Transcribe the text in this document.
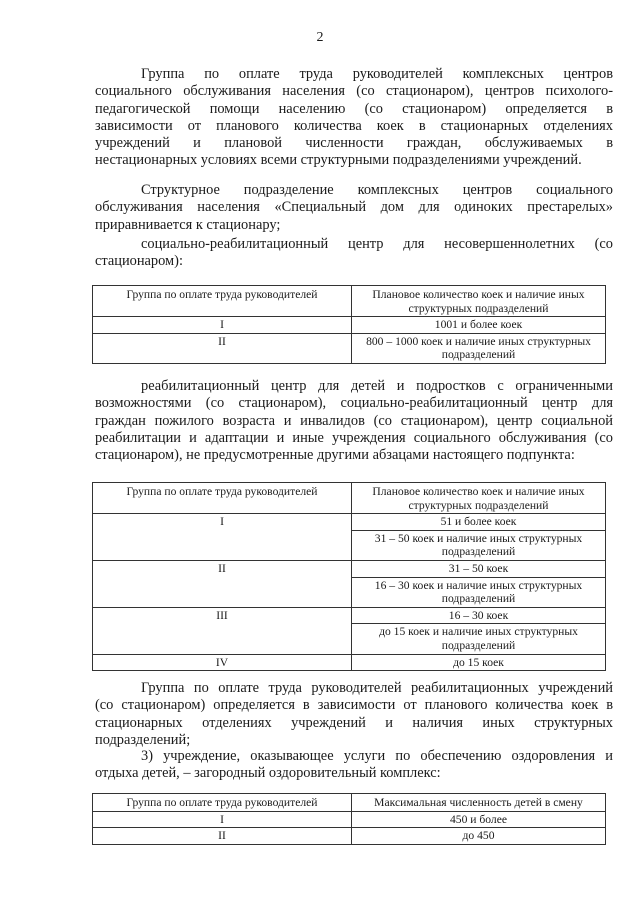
2

Группа по оплате труда руководителей комплексных центров
социального обслуживания населения (со стационаром), центров психолого-
педагогической помощи населению (со стационаром) определяется в
зависимости от планового количества коек в стационарных отделениях
учреждений и плановой численности граждан, обслуживаемых в
нестационарных условиях всеми структурными подразделениями учреждений.

Структурное подразделение комплексных центров социального
обслуживания населения «Специальный дом для одиноких престарелых»
приравнивается к стационару;

социально-реабилитационный центр для несовершеннолетних (со
стационаром):

Группа по оплате труда руководителей	Плановое количество коек и наличие иных структурных подразделений
I	1001 и более коек
II	800 – 1000 коек и наличие иных структурных подразделений

реабилитационный центр для детей и подростков с ограниченными
возможностями (со стационаром), социально-реабилитационный центр для
граждан пожилого возраста и инвалидов (со стационаром), центр социальной
реабилитации и адаптации и иные учреждения социального обслуживания (со
стационаром), не предусмотренные другими абзацами настоящего подпункта:

Группа по оплате труда руководителей	Плановое количество коек и наличие иных структурных подразделений
I	51 и более коек
	31 – 50 коек и наличие иных структурных подразделений
II	31 – 50 коек
	16 – 30 коек и наличие иных структурных подразделений
III	16 – 30 коек
	до 15 коек и наличие иных структурных подразделений
IV	до 15 коек

Группа по оплате труда руководителей реабилитационных учреждений
(со стационаром) определяется в зависимости от планового количества коек в
стационарных отделениях учреждений и наличия иных структурных
подразделений;

3) учреждение, оказывающее услуги по обеспечению оздоровления и
отдыха детей, – загородный оздоровительный комплекс:

Группа по оплате труда руководителей	Максимальная численность детей в смену
I	450 и более
II	до 450
